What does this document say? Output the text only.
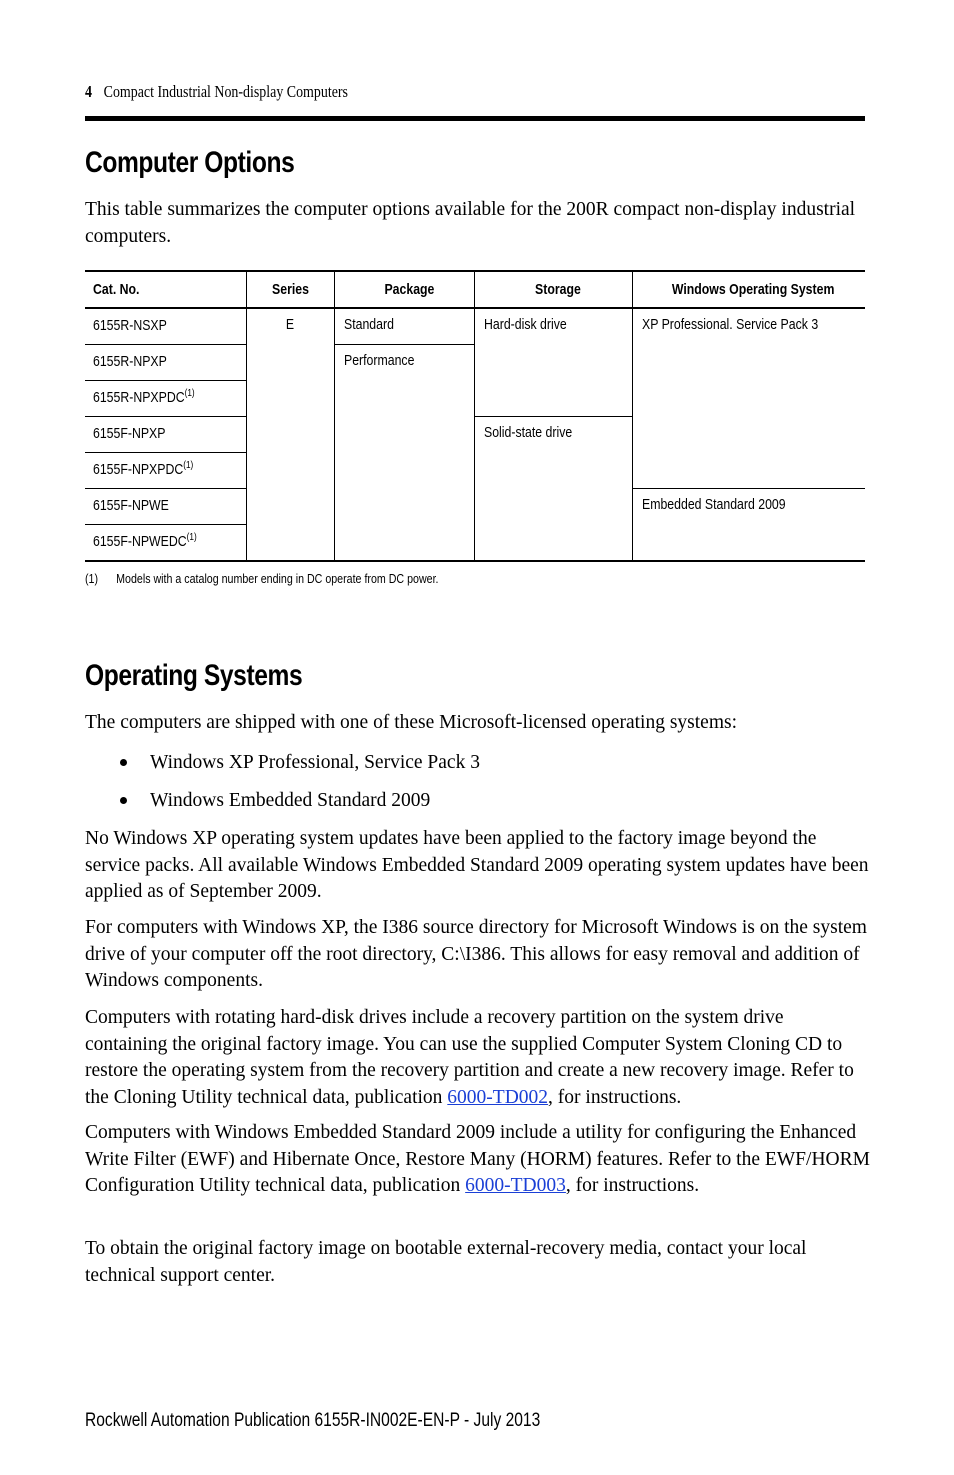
4 Compact Industrial Non-display Computers
Computer Options

This table summarizes the computer options available for the 200R compact non-display industrial computers.

Cat. No.	Series	Package	Storage	Windows Operating System
6155R-NSXP	E	Standard	Hard-disk drive	XP Professional. Service Pack 3
6155R-NPXP		Performance		
6155R-NPXPDC$^{(1)}$
6155F-NPXP			Solid-state drive	
6155F-NPXPDC$^{(1)}$
6155F-NPWE				Embedded Standard 2009
6155F-NPWEDC$^{(1)}$
(1) Models with a catalog number ending in DC operate from DC power.
Operating Systems

The computers are shipped with one of these Microsoft-licensed operating systems:

Windows XP Professional, Service Pack 3
Windows Embedded Standard 2009

No Windows XP operating system updates have been applied to the factory image beyond the service packs. All available Windows Embedded Standard 2009 operating system updates have been applied as of September 2009.

For computers with Windows XP, the I386 source directory for Microsoft Windows is on the system drive of your computer off the root directory, C:\I386. This allows for easy removal and addition of Windows components.

Computers with rotating hard-disk drives include a recovery partition on the system drive containing the original factory image. You can use the supplied Computer System Cloning CD to restore the operating system from the recovery partition and create a new recovery image. Refer to the Cloning Utility technical data, publication 6000-TD002, for instructions.

Computers with Windows Embedded Standard 2009 include a utility for configuring the Enhanced Write Filter (EWF) and Hibernate Once, Restore Many (HORM) features. Refer to the EWF/HORM Configuration Utility technical data, publication 6000-TD003, for instructions.

To obtain the original factory image on bootable external-recovery media, contact your local technical support center.

Rockwell Automation Publication 6155R-IN002E-EN-P - July 2013
